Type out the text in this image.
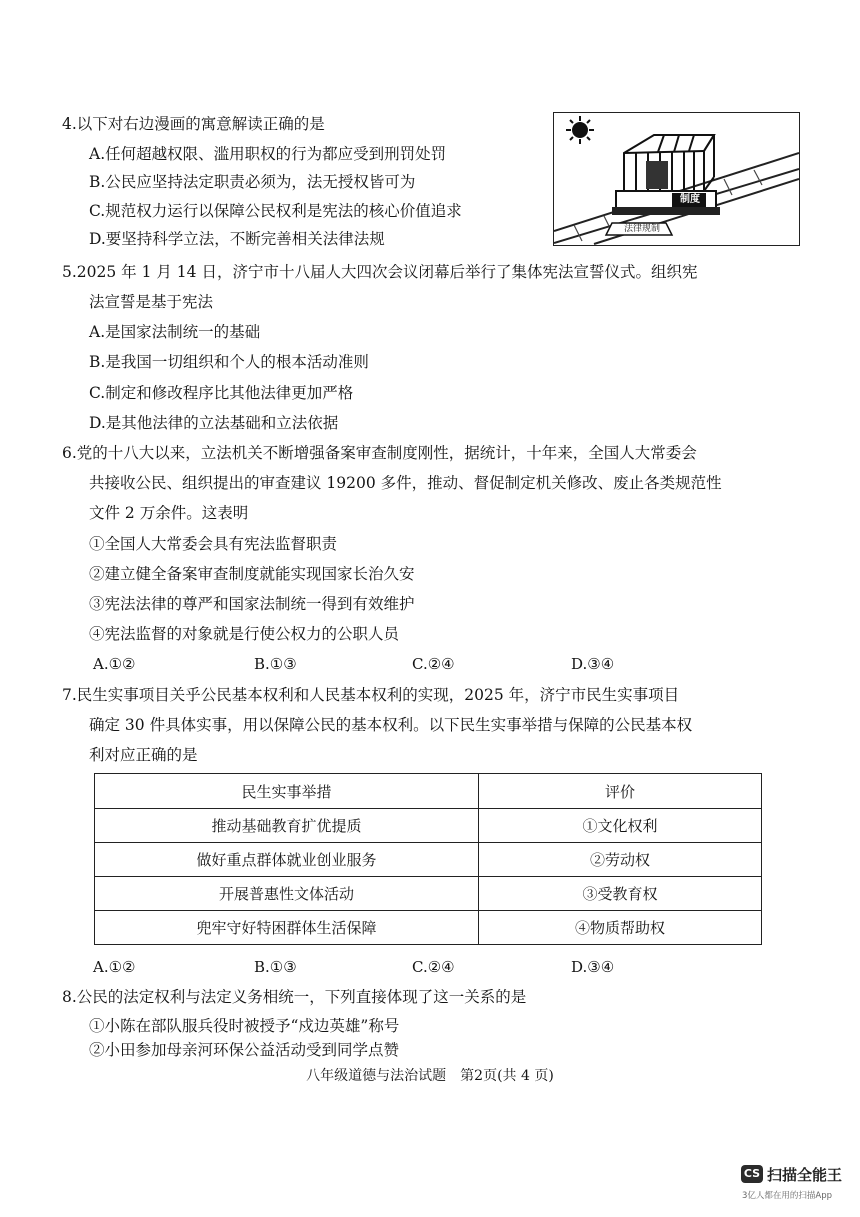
4.以下对右边漫画的寓意解读正确的是
A.任何超越权限、滥用职权的行为都应受到刑罚处罚
B.公民应坚持法定职责必须为，法无授权皆可为
C.规范权力运行以保障公民权利是宪法的核心价值追求
D.要坚持科学立法，不断完善相关法律法规
制度
法律规制
5.2025 年 1 月 14 日，济宁市十八届人大四次会议闭幕后举行了集体宪法宣誓仪式。组织宪
法宣誓是基于宪法
A.是国家法制统一的基础
B.是我国一切组织和个人的根本活动准则
C.制定和修改程序比其他法律更加严格
D.是其他法律的立法基础和立法依据
6.党的十八大以来，立法机关不断增强备案审查制度刚性，据统计，十年来，全国人大常委会
共接收公民、组织提出的审查建议 19200 多件，推动、督促制定机关修改、废止各类规范性
文件 2 万余件。这表明
①全国人大常委会具有宪法监督职责
②建立健全备案审查制度就能实现国家长治久安
③宪法法律的尊严和国家法制统一得到有效维护
④宪法监督的对象就是行使公权力的公职人员
A.①②	B.①③	C.②④	D.③④
7.民生实事项目关乎公民基本权利和人民基本权利的实现，2025 年，济宁市民生实事项目
确定 30 件具体实事，用以保障公民的基本权利。以下民生实事举措与保障的公民基本权
利对应正确的是
民生实事举措	评价
推动基础教育扩优提质	①文化权利
做好重点群体就业创业服务	②劳动权
开展普惠性文体活动	③受教育权
兜牢守好特困群体生活保障	④物质帮助权
A.①②	B.①③	C.②④	D.③④
8.公民的法定权利与法定义务相统一，下列直接体现了这一关系的是
①小陈在部队服兵役时被授予“戍边英雄”称号
②小田参加母亲河环保公益活动受到同学点赞
八年级道德与法治试题　第2页(共 4 页)
CS 扫描全能王
3亿人都在用的扫描App
